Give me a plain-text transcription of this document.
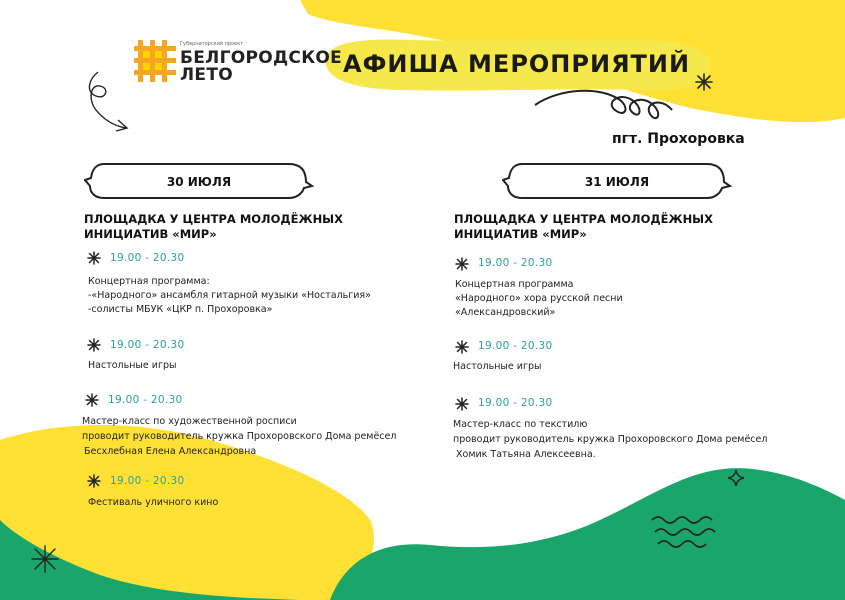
Губернаторский проект
БЕЛГОРОДСКОЕ
ЛЕТО	АФИША МЕРОПРИЯТИЙ
пгт. Прохоровка
30 ИЮЛЯ	31 ИЮЛЯ
ПЛОЩАДКА У ЦЕНТРА МОЛОДЁЖНЫХ ИНИЦИАТИВ «МИР»
19.00 - 20.30
Концертная программа:
-«Народного» ансамбля гитарной музыки «Ностальгия»
-солисты МБУК «ЦКР п. Прохоровка»
19.00 - 20.30
Настольные игры
19.00 - 20.30
Мастер-класс по художественной росписи
проводит руководитель кружка Прохоровского Дома ремёсел
Бесхлебная Елена Александровна
19.00 - 20.30
Фестиваль уличного кино
ПЛОЩАДКА У ЦЕНТРА МОЛОДЁЖНЫХ ИНИЦИАТИВ «МИР»
19.00 - 20.30
Концертная программа
«Народного» хора русской песни
«Александровский»
19.00 - 20.30
Настольные игры
19.00 - 20.30
Мастер-класс по текстилю
проводит руководитель кружка Прохоровского Дома ремёсел
Хомик Татьяна Алексеевна.
